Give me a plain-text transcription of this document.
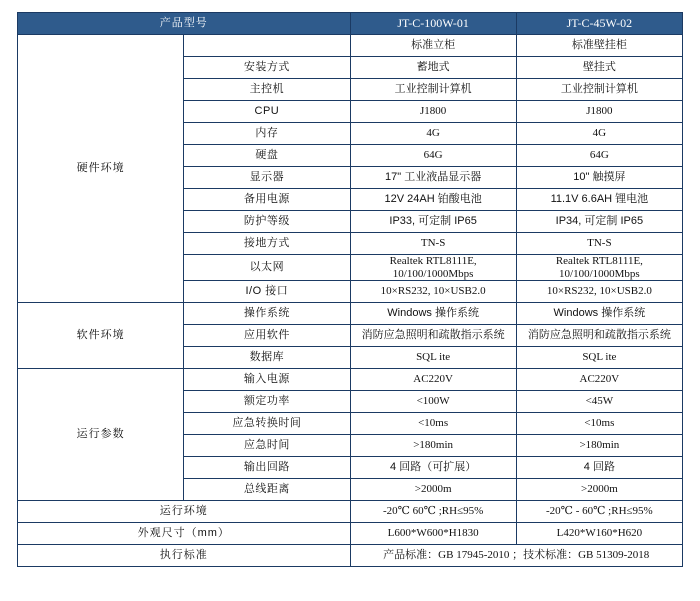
产品型号		JT-C-100W-01	JT-C-45W-02
硬件环境		标准立柜	标准壁挂柜
	安装方式	蓄地式	壁挂式
	主控机	工业控制计算机	工业控制计算机
	CPU	J1800	J1800
	内存	4G	4G
	硬盘	64G	64G
	显示器	17" 工业液晶显示器	10" 触摸屏
	备用电源	12V 24AH 铂酸电池	11.1V 6.6AH 锂电池
	防护等级	IP33, 可定制 IP65	IP34, 可定制 IP65
	接地方式	TN-S	TN-S
	以太网	Realtek RTL8111E, 10/100/1000Mbps	Realtek RTL8111E, 10/100/1000Mbps
	I/O 接口	10×RS232, 10×USB2.0	10×RS232, 10×USB2.0
软件环境	操作系统	Windows 操作系统	Windows 操作系统
	应用软件	消防应急照明和疏散指示系统	消防应急照明和疏散指示系统
	数据库	SQL ite	SQL ite
运行参数	输入电源	AC220V	AC220V
	额定功率	<100W	<45W
	应急转换时间	<10ms	<10ms
	应急时间	>180min	>180min
	输出回路	4 回路（可扩展）	4 回路
	总线距离	>2000m	>2000m
运行环境		-20℃ 60℃ ;RH≤95%	-20℃ - 60℃ ;RH≤95%
外观尺寸（mm）		L600*W600*H1830	L420*W160*H620
执行标准		产品标准：GB 17945-2010 ；技术标准：GB 51309-2018	
